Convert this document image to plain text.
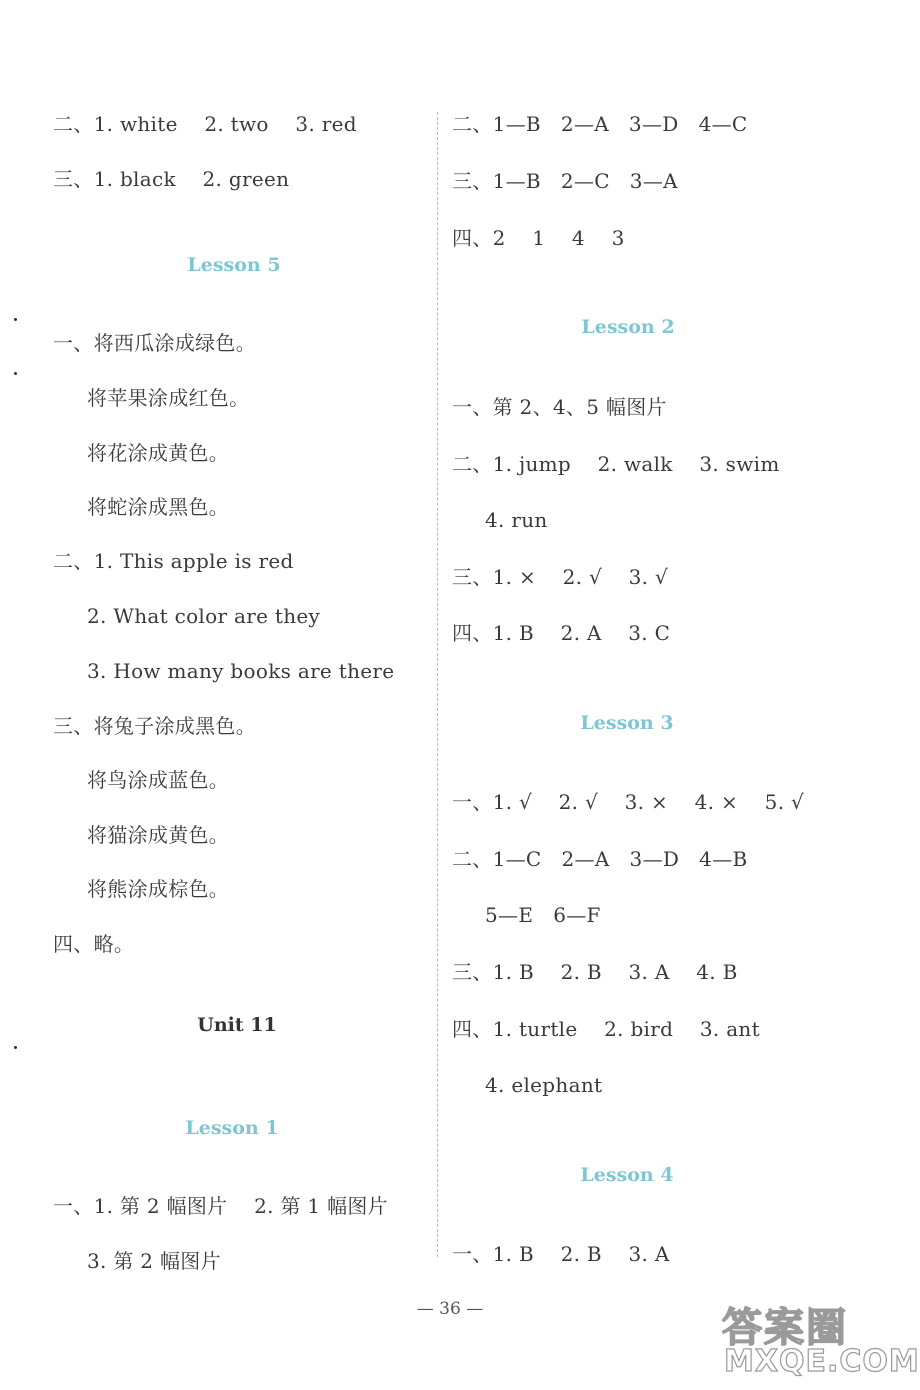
二、1. white    2. two    3. red
三、1. black    2. green
Lesson 5
一、将西瓜涂成绿色。
将苹果涂成红色。
将花涂成黄色。
将蛇涂成黑色。
二、1. This apple is red
2. What color are they
3. How many books are there
三、将兔子涂成黑色。
将鸟涂成蓝色。
将猫涂成黄色。
将熊涂成棕色。
四、略。
Unit 11
Lesson 1
一、1. 第 2 幅图片    2. 第 1 幅图片
3. 第 2 幅图片
二、1—B   2—A   3—D   4—C
三、1—B   2—C   3—A
四、2    1    4    3
Lesson 2
一、第 2、4、5 幅图片
二、1. jump    2. walk    3. swim
4. run
三、1. ×    2. √    3. √
四、1. B    2. A    3. C
Lesson 3
一、1. √    2. √    3. ×    4. ×    5. √
二、1—C   2—A   3—D   4—B
5—E   6—F
三、1. B    2. B    3. A    4. B
四、1. turtle    2. bird    3. ant
4. elephant
Lesson 4
一、1. B    2. B    3. A
— 36 —	答案圈
MXQE.COM
